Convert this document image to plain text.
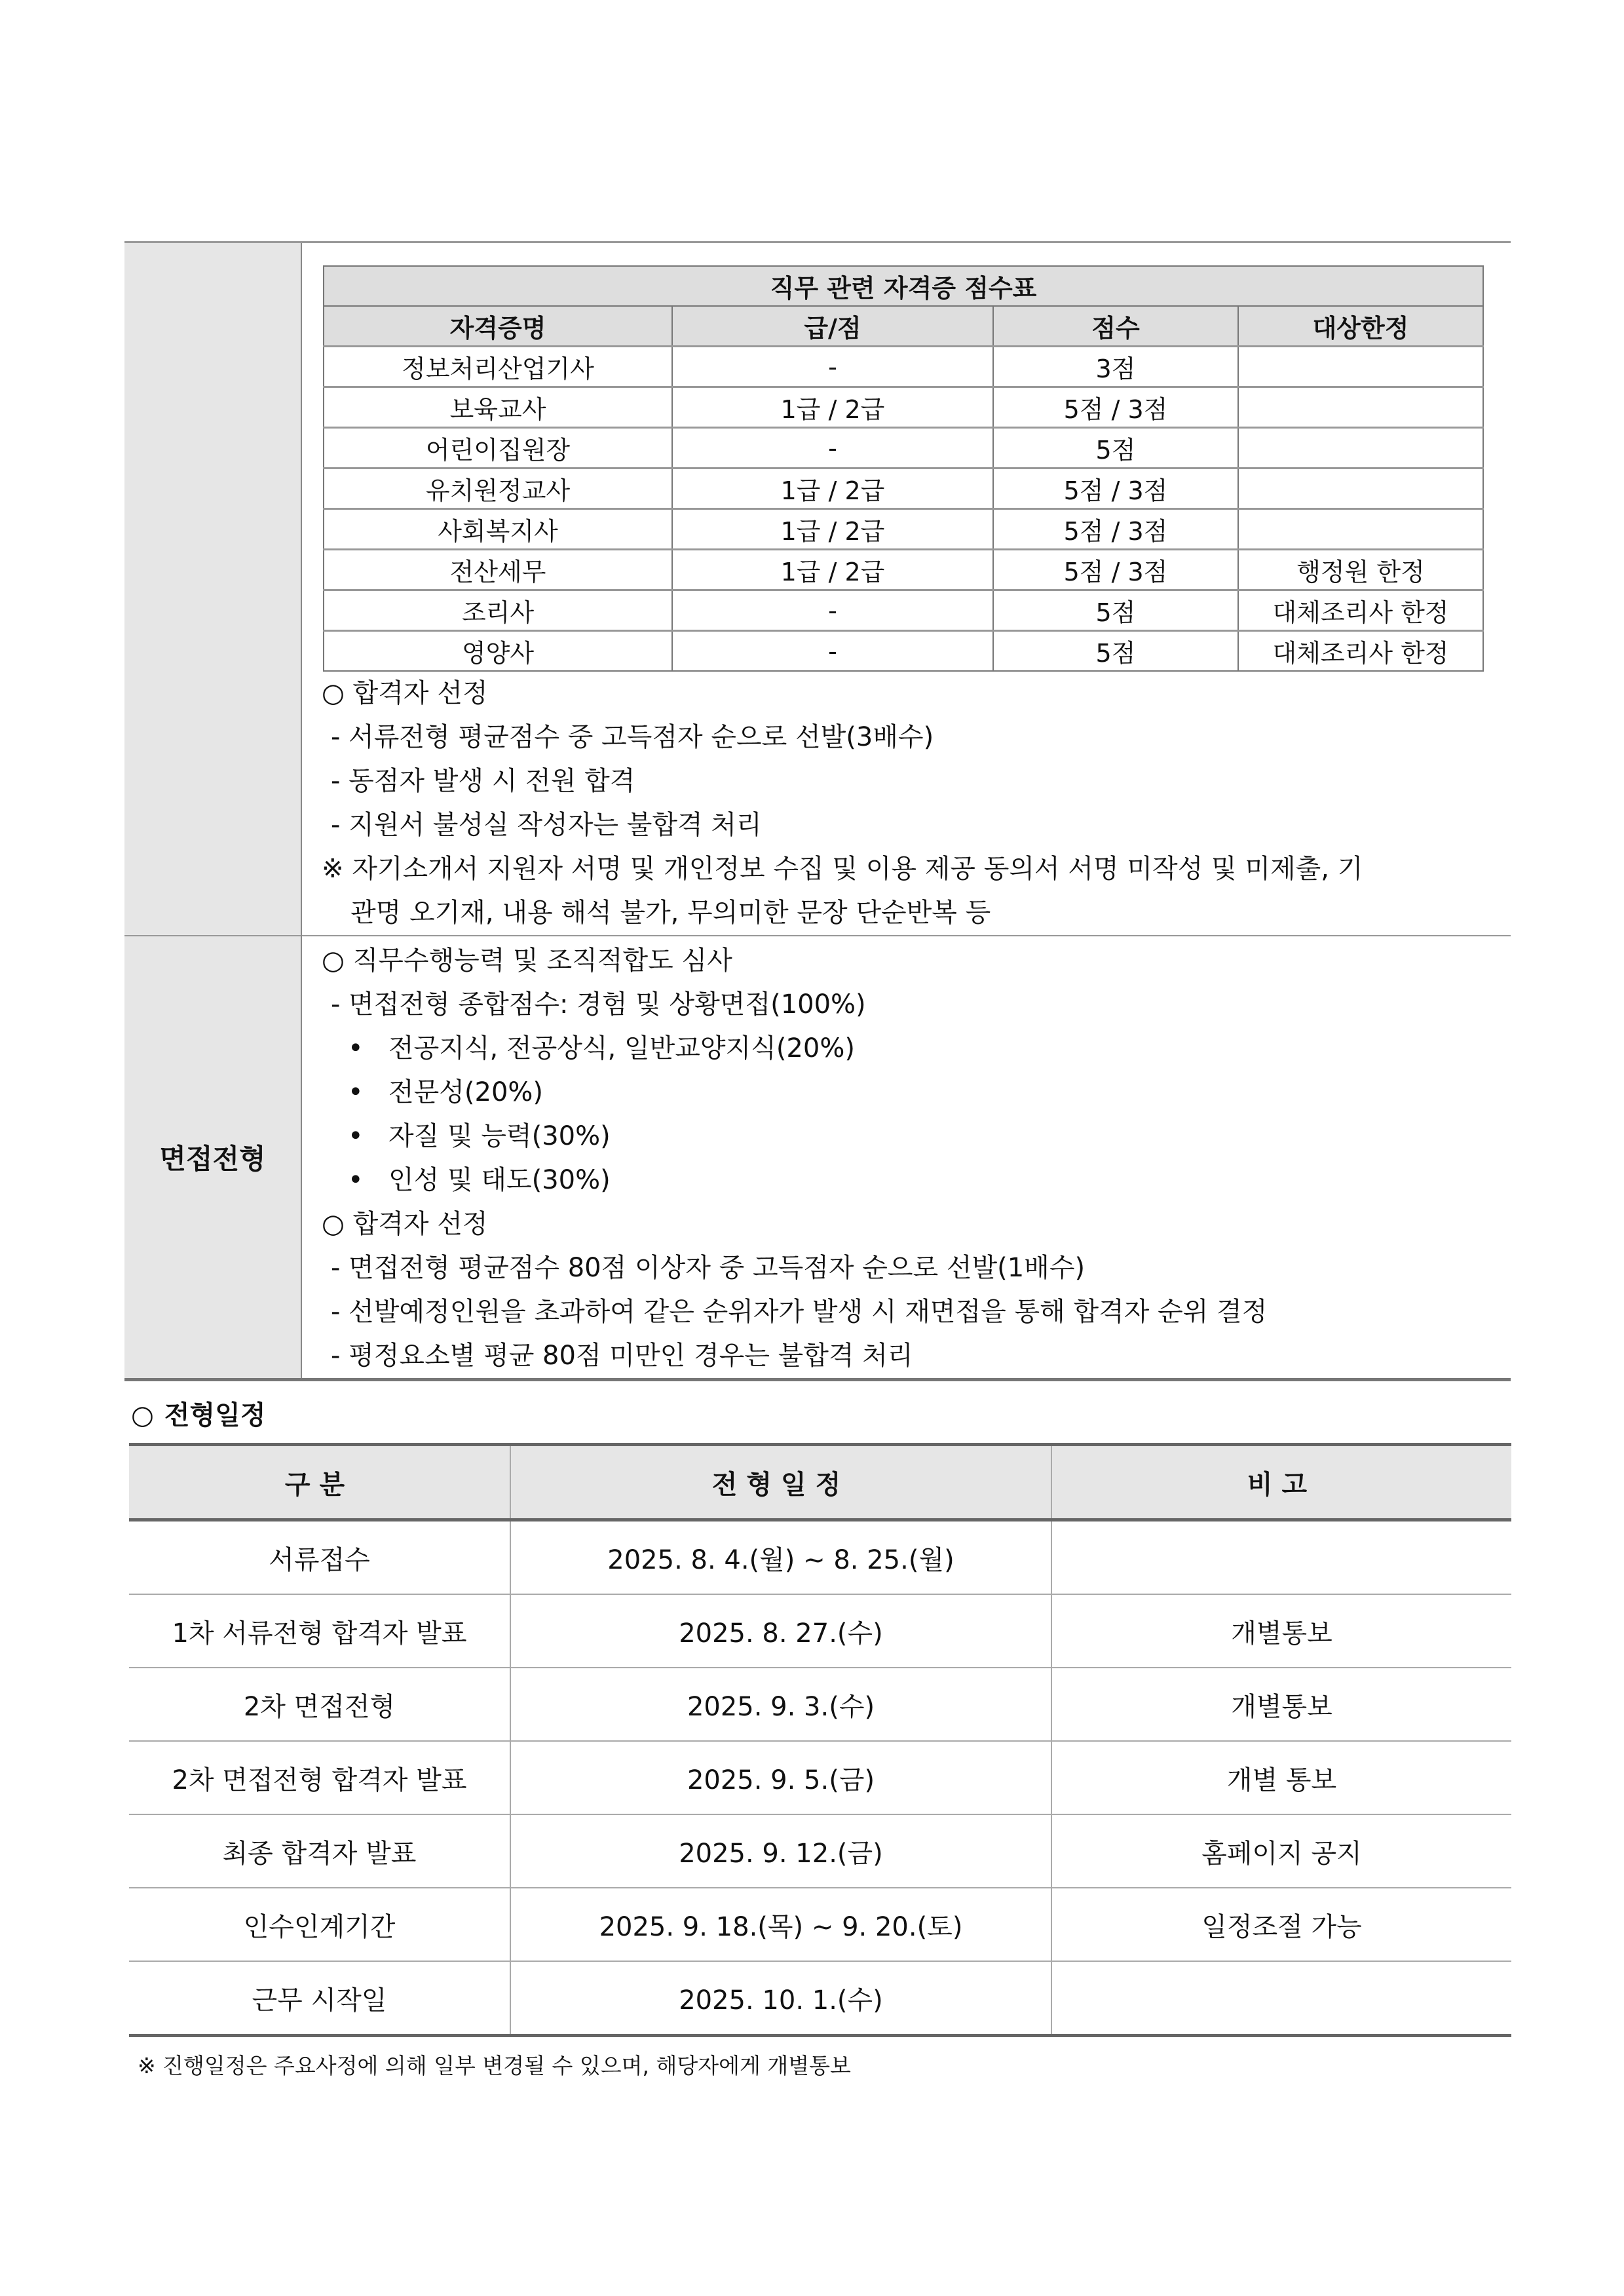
직무 관련 자격증 점수표
자격증명	급/점	점수	대상한정
정보처리산업기사	-	3점	
보육교사	1급 / 2급	5점 / 3점	
어린이집원장	-	5점	
유치원정교사	1급 / 2급	5점 / 3점	
사회복지사	1급 / 2급	5점 / 3점	
전산세무	1급 / 2급	5점 / 3점	행정원 한정
조리사	-	5점	대체조리사 한정
영양사	-	5점	대체조리사 한정
○ 합격자 선정
- 서류전형 평균점수 중 고득점자 순으로 선발(3배수)
- 동점자 발생 시 전원 합격
- 지원서 불성실 작성자는 불합격 처리
※ 자기소개서 지원자 서명 및 개인정보 수집 및 이용 제공 동의서 서명 미작성 및 미제출, 기
관명 오기재, 내용 해석 불가, 무의미한 문장 단순반복 등

면접전형	
○ 직무수행능력 및 조직적합도 심사
- 면접전형 종합점수: 경험 및 상황면접(100%)
• 전공지식, 전공상식, 일반교양지식(20%)
• 전문성(20%)
• 자질 및 능력(30%)
• 인성 및 태도(30%)
○ 합격자 선정
- 면접전형 평균점수 80점 이상자 중 고득점자 순으로 선발(1배수)
- 선발예정인원을 초과하여 같은 순위자가 발생 시 재면접을 통해 합격자 순위 결정
- 평정요소별 평균 80점 미만인 경우는 불합격 처리
○ 전형일정
구분	전형일정	비고
서류접수	2025. 8. 4.(월) ~ 8. 25.(월)	
1차 서류전형 합격자 발표	2025. 8. 27.(수)	개별통보
2차 면접전형	2025. 9. 3.(수)	개별통보
2차 면접전형 합격자 발표	2025. 9. 5.(금)	개별 통보
최종 합격자 발표	2025. 9. 12.(금)	홈페이지 공지
인수인계기간	2025. 9. 18.(목) ~ 9. 20.(토)	일정조절 가능
근무 시작일	2025. 10. 1.(수)	
※ 진행일정은 주요사정에 의해 일부 변경될 수 있으며, 해당자에게 개별통보
